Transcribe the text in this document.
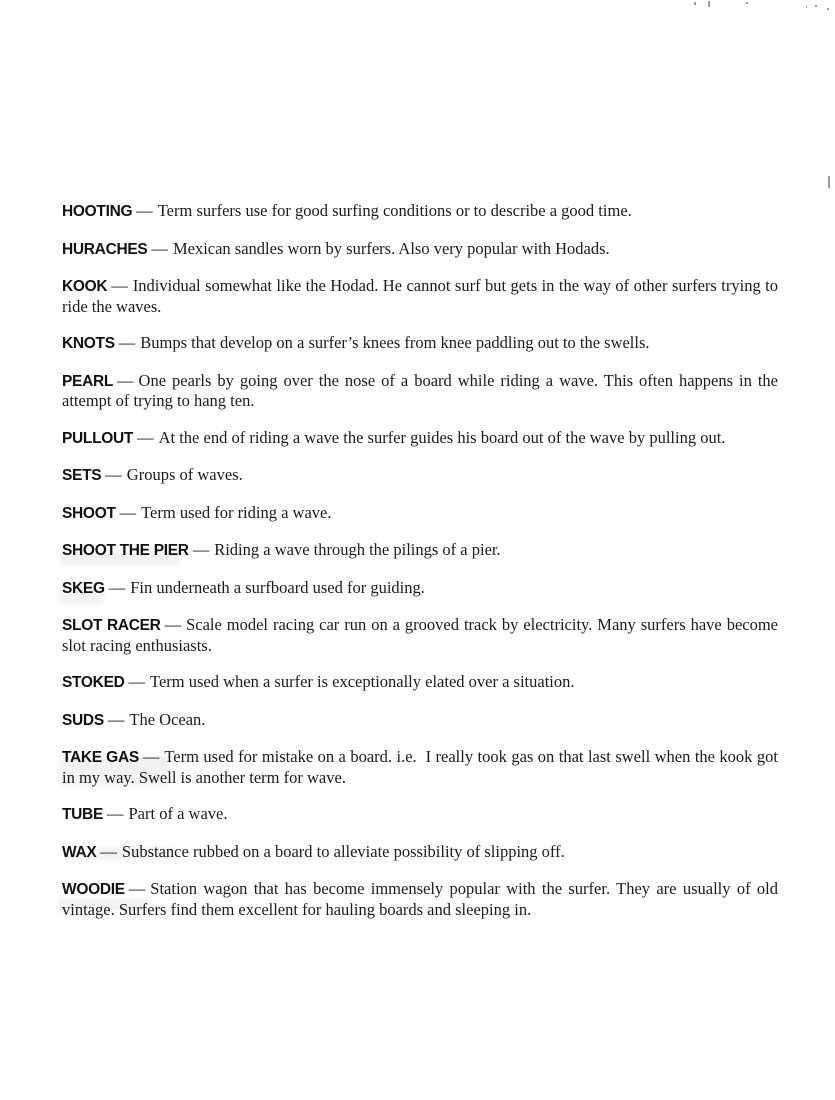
HOOTING — Term surfers use for good surfing conditions or to describe a good time.

HURACHES — Mexican sandles worn by surfers. Also very popular with Hodads.

KOOK — Individual somewhat like the Hodad. He cannot surf but gets in the way of other surfers trying to ride the waves.

KNOTS — Bumps that develop on a surfer’s knees from knee paddling out to the swells.

PEARL — One pearls by going over the nose of a board while riding a wave. This often happens in the attempt of trying to hang ten.

PULLOUT — At the end of riding a wave the surfer guides his board out of the wave by pulling out.

SETS — Groups of waves.

SHOOT — Term used for riding a wave.

SHOOT THE PIER — Riding a wave through the pilings of a pier.

SKEG — Fin underneath a surfboard used for guiding.

SLOT RACER — Scale model racing car run on a grooved track by electricity. Many surfers have become slot racing enthusiasts.

STOKED — Term used when a surfer is exceptionally elated over a situation.

SUDS — The Ocean.

TAKE GAS — Term used for mistake on a board. i.e.  I really took gas on that last swell when the kook got in my way. Swell is another term for wave.

TUBE — Part of a wave.

WAX — Substance rubbed on a board to alleviate possibility of slipping off.

WOODIE — Station wagon that has become immensely popular with the surfer. They are usually of old vintage. Surfers find them excellent for hauling boards and sleeping in.
